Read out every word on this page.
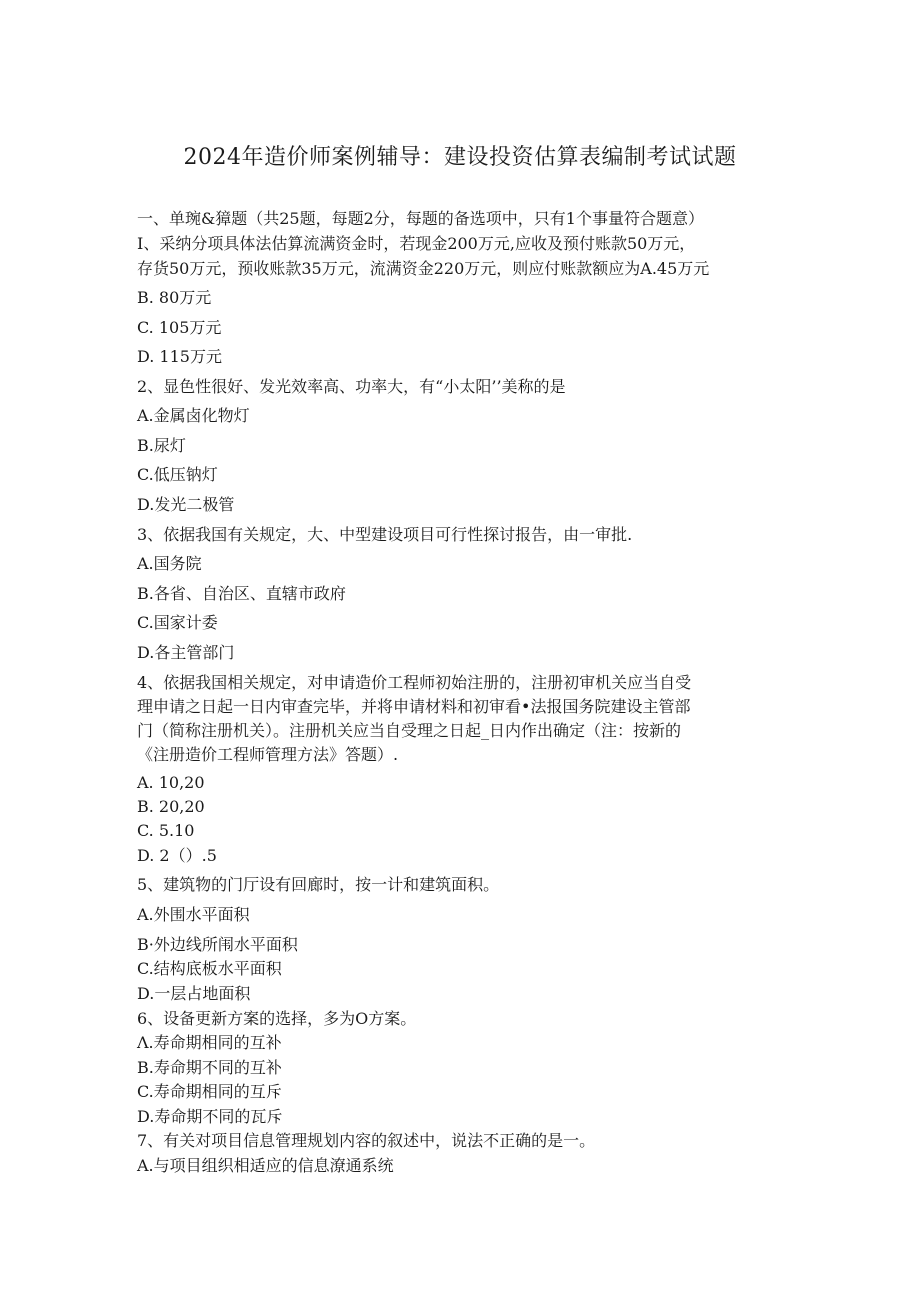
2024年造价师案例辅导：建设投资估算表编制考试试题
一、单琬&獐题（共25题，每题2分，每题的备选项中，只有1个事量符合题意）
I、采纳分项具体法估算流满资金时，若现金200万元,应收及预付账款50万元，
存货50万元，预收账款35万元，流满资金220万元，则应付账款额应为A.45万元
B. 80万元
C. 105万元
D. 115万元
2、显色性很好、发光效率高、功率大，有“小太阳’’美称的是
A.金属卤化物灯
B.尿灯
C.低压钠灯
D.发光二极管
3、依据我国有关规定，大、中型建设项目可行性探讨报告，由一审批.
A.国务院
B.各省、自治区、直辖市政府
C.国家计委
D.各主管部门
4、依据我国相关规定，对申请造价工程师初始注册的，注册初审机关应当自受
理申请之日起一日内审查完毕，并将申请材料和初审看•法报国务院建设主管部
门（简称注册机关）。注册机关应当自受理之日起_日内作出确定（注：按新的
《注册造价工程师管理方法》答题）.
A. 10,20
B. 20,20
C. 5.10
D. 2（）.5
5、建筑物的门厅设有回廊时，按一计和建筑面积。
A.外围水平面积
B·外边线所闱水平面积
C.结构底板水平面积
D.一层占地面积
6、设备更新方案的选择，多为O方案。
Λ.寿命期相同的互补
B.寿命期不同的互补
C.寿命期相同的互斥
D.寿命期不同的瓦斥
7、有关对项目信息管理规划内容的叙述中，说法不正确的是一。
A.与项目组织相适应的信息潦通系统
